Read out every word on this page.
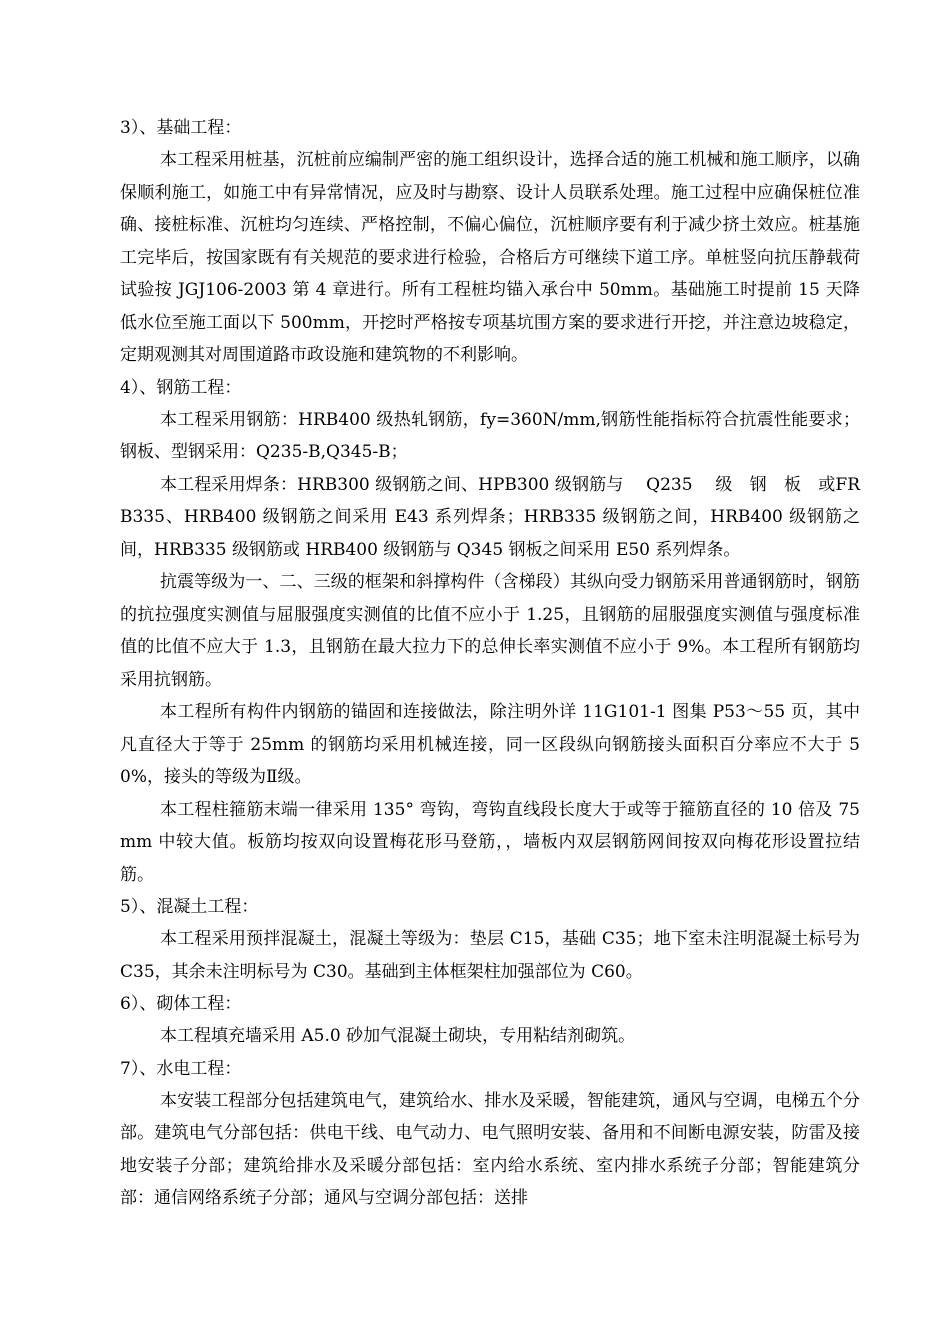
3）、基础工程：

本工程采用桩基，沉桩前应编制严密的施工组织设计，选择合适的施工机械和施工顺序，以确保顺利施工，如施工中有异常情况，应及时与勘察、设计人员联系处理。施工过程中应确保桩位准确、接桩标准、沉桩均匀连续、严格控制，不偏心偏位，沉桩顺序要有利于减少挤土效应。桩基施工完毕后，按国家既有有关规范的要求进行检验，合格后方可继续下道工序。单桩竖向抗压静载荷试验按 JGJ106-2003 第 4 章进行。所有工程桩均锚入承台中 50mm。基础施工时提前 15 天降低水位至施工面以下 500mm，开挖时严格按专项基坑围方案的要求进行开挖，并注意边坡稳定，定期观测其对周围道路市政设施和建筑物的不利影响。

4）、钢筋工程：

本工程采用钢筋：HRB400 级热轧钢筋，fy=360N/mm,钢筋性能指标符合抗震性能要求；钢板、型钢采用：Q235-B,Q345-B；

本工程采用焊条：HRB300 级钢筋之间、HPB300 级钢筋与　 Q235　 级　钢　板　或FRB335、HRB400 级钢筋之间采用 E43 系列焊条；HRB335 级钢筋之间，HRB400 级钢筋之间，HRB335 级钢筋或 HRB400 级钢筋与 Q345 钢板之间采用 E50 系列焊条。

抗震等级为一、二、三级的框架和斜撑构件（含梯段）其纵向受力钢筋采用普通钢筋时，钢筋的抗拉强度实测值与屈服强度实测值的比值不应小于 1.25，且钢筋的屈服强度实测值与强度标准值的比值不应大于 1.3，且钢筋在最大拉力下的总伸长率实测值不应小于 9%。本工程所有钢筋均采用抗钢筋。

本工程所有构件内钢筋的锚固和连接做法，除注明外详 11G101-1 图集 P53～55 页，其中凡直径大于等于 25mm 的钢筋均采用机械连接，同一区段纵向钢筋接头面积百分率应不大于 50%，接头的等级为Ⅱ级。

本工程柱箍筋末端一律采用 135° 弯钩，弯钩直线段长度大于或等于箍筋直径的 10 倍及 75mm 中较大值。板筋均按双向设置梅花形马登筋，，墙板内双层钢筋网间按双向梅花形设置拉结筋。

5）、混凝土工程：

本工程采用预拌混凝土，混凝土等级为：垫层 C15，基础 C35；地下室未注明混凝土标号为 C35，其余未注明标号为 C30。基础到主体框架柱加强部位为 C60。

6）、砌体工程：

本工程填充墙采用 A5.0 砂加气混凝土砌块，专用粘结剂砌筑。

7）、水电工程：

本安装工程部分包括建筑电气，建筑给水、排水及采暖，智能建筑，通风与空调，电梯五个分部。建筑电气分部包括：供电干线、电气动力、电气照明安装、备用和不间断电源安装，防雷及接地安装子分部；建筑给排水及采暖分部包括：室内给水系统、室内排水系统子分部；智能建筑分部：通信网络系统子分部；通风与空调分部包括：送排
